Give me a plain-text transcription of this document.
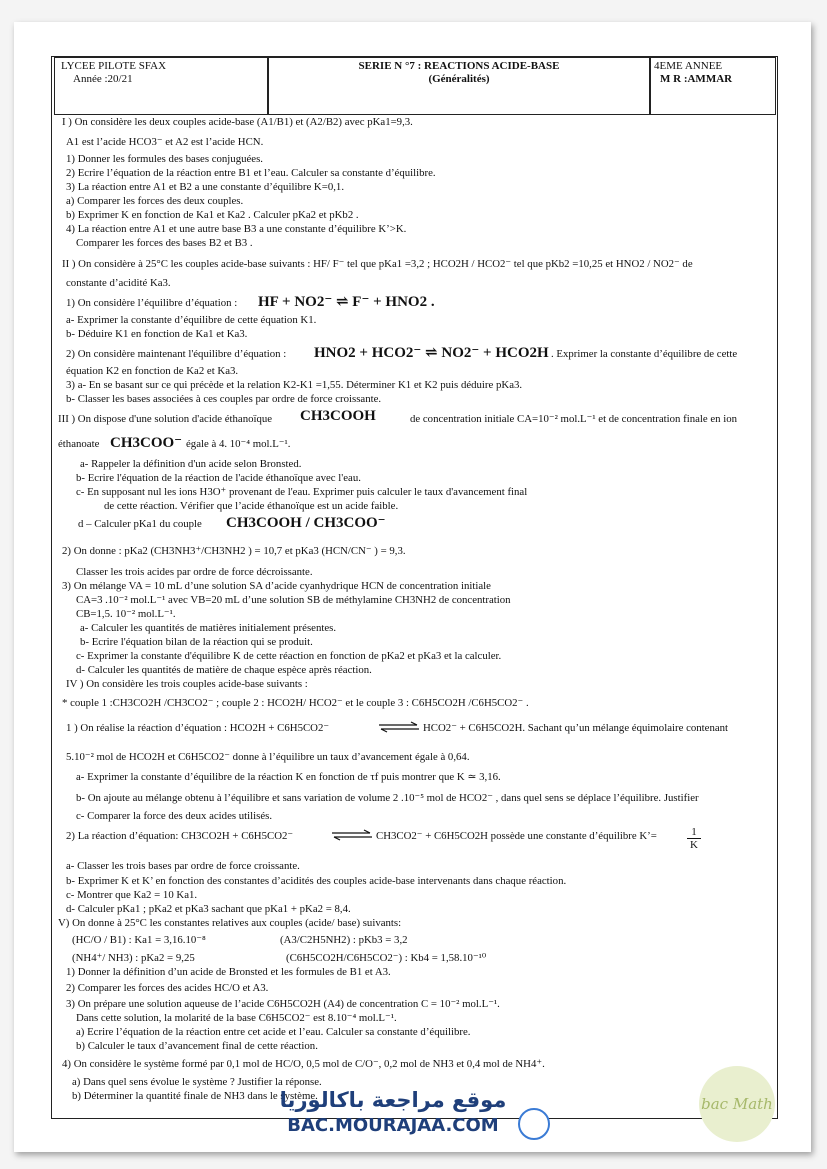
LYCEE PILOTE SFAX
Année :20/21
SERIE N °7 : REACTIONS ACIDE-BASE
(Généralités)
4EME ANNEE
M R :AMMAR
I ) On considère les deux couples acide-base (A1/B1) et (A2/B2) avec pKa1=9,3.
A1 est l’acide HCO3⁻ et A2 est l’acide HCN.
1) Donner les formules des bases conjuguées.
2) Ecrire l’équation de la réaction entre B1 et l’eau. Calculer sa constante d’équilibre.
3) La réaction entre A1 et B2 a une constante d’équilibre K=0,1.
a) Comparer les forces des deux couples.
b) Exprimer K en fonction de Ka1 et Ka2 . Calculer pKa2 et pKb2 .
4) La réaction entre A1 et une autre base B3 a une constante d’équilibre K’>K.
Comparer les forces des bases B2 et B3 .
II ) On considère à 25°C les couples acide-base suivants : HF/ F⁻ tel que pKa1 =3,2 ; HCO2H / HCO2⁻ tel que pKb2 =10,25 et HNO2 / NO2⁻ de
constante d’acidité Ka3.
1) On considère l’équilibre d’équation :
a- Exprimer la constante d’équilibre de cette équation K1.
b- Déduire K1 en fonction de Ka1 et Ka3.
2) On considère maintenant l'équilibre d’équation :	. Exprimer la constante d’équilibre de cette
équation K2 en fonction de Ka2 et Ka3.
3) a- En se basant sur ce qui précède et la relation K2-K1 =1,55. Déterminer K1 et K2 puis déduire pKa3.
b- Classer les bases associées à ces couples par ordre de force croissante.
III ) On dispose d'une solution d'acide éthanoïque	de concentration initiale CA=10⁻² mol.L⁻¹ et de concentration finale en ion
éthanoate	égale à 4. 10⁻⁴ mol.L⁻¹.
a- Rappeler la définition d'un acide selon Bronsted.
b- Ecrire l'équation de la réaction de l'acide éthanoïque avec l'eau.
c- En supposant nul les ions H3O⁺ provenant de l'eau. Exprimer puis calculer le taux d'avancement final
de cette réaction. Vérifier que l’acide éthanoïque est un acide faible.
d – Calculer pKa1 du couple
2) On donne : pKa2 (CH3NH3⁺/CH3NH2 ) = 10,7 et pKa3 (HCN/CN⁻ ) = 9,3.
Classer les trois acides par ordre de force décroissante.
3) On mélange VA = 10 mL d’une solution SA d’acide cyanhydrique HCN de concentration initiale
CA=3 .10⁻² mol.L⁻¹ avec VB=20 mL d’une solution SB de méthylamine CH3NH2 de concentration
CB=1,5. 10⁻² mol.L⁻¹.
a- Calculer les quantités de matières initialement présentes.
b- Ecrire l'équation bilan de la réaction qui se produit.
c- Exprimer la constante d'équilibre K de cette réaction en fonction de pKa2 et pKa3 et la calculer.
d- Calculer les quantités de matière de chaque espèce après réaction.
IV ) On considère les trois couples acide-base suivants :
* couple 1 :CH3CO2H /CH3CO2⁻ ; couple 2 : HCO2H/ HCO2⁻ et le couple 3 : C6H5CO2H /C6H5CO2⁻ .
1 ) On réalise la réaction d’équation : HCO2H + C6H5CO2⁻	HCO2⁻ + C6H5CO2H. Sachant qu’un mélange équimolaire contenant
5.10⁻² mol de HCO2H et C6H5CO2⁻ donne à l’équilibre un taux d’avancement égale à 0,64.
a- Exprimer la constante d’équilibre de la réaction K en fonction de τf puis montrer que K ≃ 3,16.
b- On ajoute au mélange obtenu à l’équilibre et sans variation de volume 2 .10⁻⁵ mol de HCO2⁻ , dans quel sens se déplace l’équilibre. Justifier
c- Comparer la force des deux acides utilisés.
2) La réaction d’équation: CH3CO2H + C6H5CO2⁻	CH3CO2⁻ + C6H5CO2H possède une constante d’équilibre K’=
a- Classer les trois bases par ordre de force croissante.
b- Exprimer K et K’ en fonction des constantes d’acidités des couples acide-base intervenants dans chaque réaction.
c- Montrer que Ka2 = 10 Ka1.
d- Calculer pKa1 ; pKa2 et pKa3 sachant que pKa1 + pKa2 = 8,4.
V) On donne à 25°C les constantes relatives aux couples (acide/ base) suivants:
(HC/O / B1) : Ka1 = 3,16.10⁻⁸	(A3/C2H5NH2) : pKb3 = 3,2
(NH4⁺/ NH3) : pKa2 = 9,25	(C6H5CO2H/C6H5CO2⁻) : Kb4 = 1,58.10⁻¹⁰
1) Donner la définition d’un acide de Bronsted et les formules de B1 et A3.
2) Comparer les forces des acides HC/O et A3.
3) On prépare une solution aqueuse de l’acide C6H5CO2H (A4) de concentration C = 10⁻² mol.L⁻¹.
Dans cette solution, la molarité de la base C6H5CO2⁻ est 8.10⁻⁴ mol.L⁻¹.
a) Ecrire l’équation de la réaction entre cet acide et l’eau. Calculer sa constante d’équilibre.
b) Calculer le taux d’avancement final de cette réaction.
4) On considère le système formé par 0,1 mol de HC/O, 0,5 mol de C/O⁻, 0,2 mol de NH3 et 0,4 mol de NH4⁺.
a) Dans quel sens évolue le système ? Justifier la réponse.
b) Déterminer la quantité finale de NH3 dans le système.
HF + NO2⁻ ⇌ F⁻ + HNO2 .
HNO2 + HCO2⁻ ⇌ NO2⁻ + HCO2H
CH3COOH
CH3COO⁻
CH3COOH / CH3COO⁻
$\frac{1}{K}$
موقع مراجعة باكالوريا
BAC.MOURAJAA.COM
bac Math
